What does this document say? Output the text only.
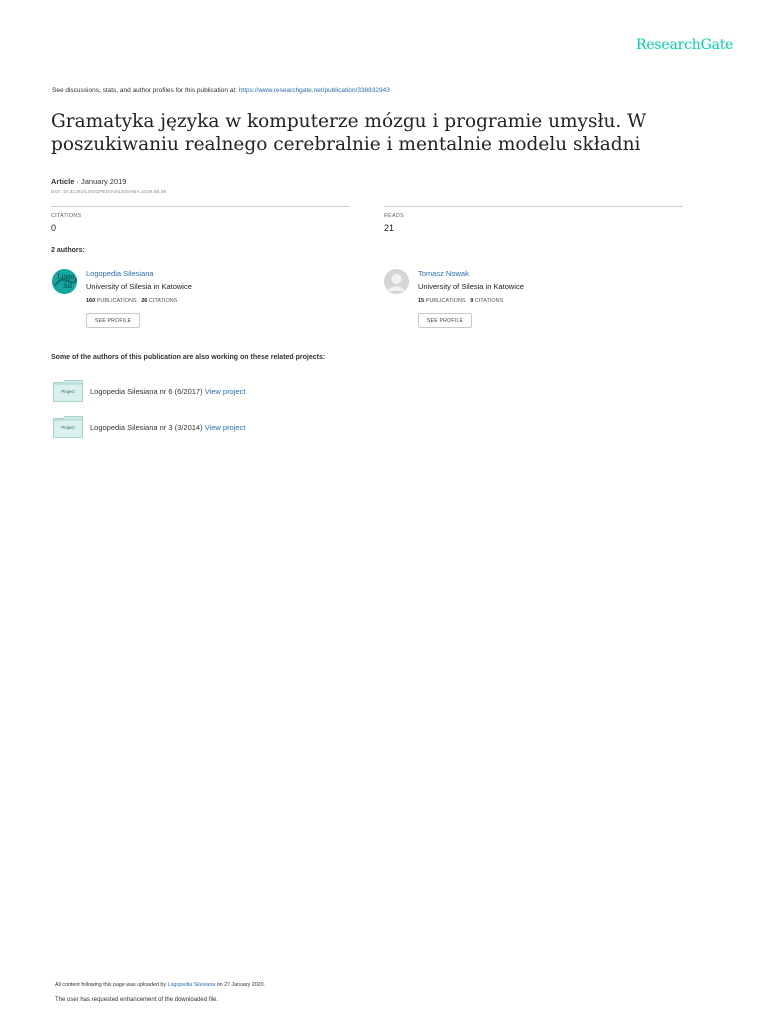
ResearchGate
See discussions, stats, and author profiles for this publication at: https://www.researchgate.net/publication/338832943
Gramatyka języka w komputerze mózgu i programie umysłu. W poszukiwaniu realnego cerebralnie i mentalnie modelu składni
Article · January 2019
DOI: 10.31261/LOGOPEDIASILESIANA.2019.08.05
CITATIONS
0
READS
21
2 authors:
Logo
Sil
Logopedia Silesiana
University of Silesia in Katowice
160 PUBLICATIONS 26 CITATIONS
SEE PROFILE
Tomasz Nowak
University of Silesia in Katowice
15 PUBLICATIONS 9 CITATIONS
SEE PROFILE
Some of the authors of this publication are also working on these related projects:
Project	Logopedia Silesiana nr 6 (6/2017) View project
Project	Logopedia Silesiana nr 3 (3/2014) View project
All content following this page was uploaded by Logopedia Silesiana on 27 January 2020.
The user has requested enhancement of the downloaded file.
